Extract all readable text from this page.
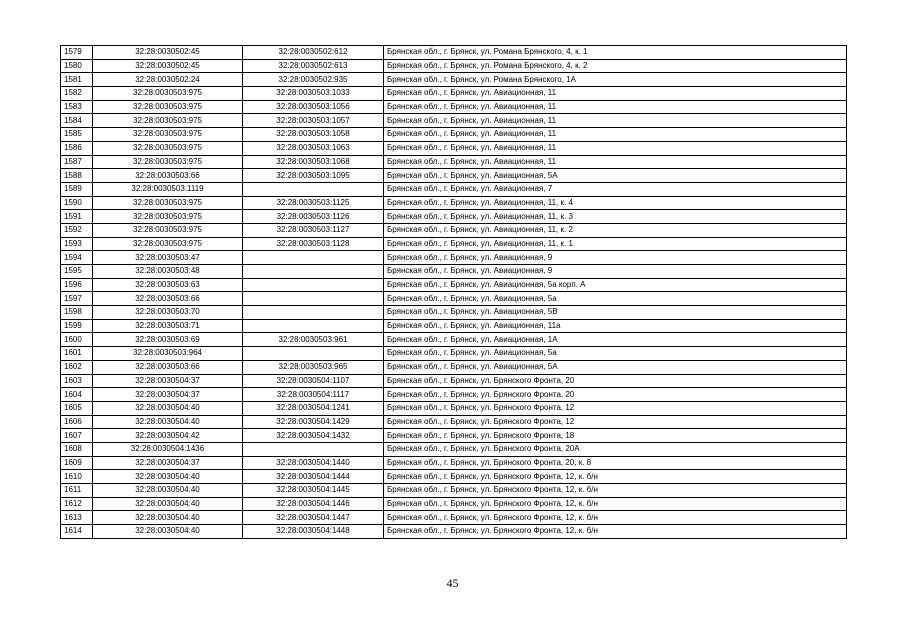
1579	32:28:0030502:45	32:28:0030502:612	Брянская обл., г. Брянск, ул. Романа Брянского, 4, к. 1
1580	32:28:0030502:45	32:28:0030502:613	Брянская обл., г. Брянск, ул. Романа Брянского, 4, к. 2
1581	32:28:0030502:24	32:28:0030502:935	Брянская обл., г. Брянск, ул. Романа Брянского, 1А
1582	32:28:0030503:975	32:28:0030503:1033	Брянская обл., г. Брянск, ул. Авиационная, 11
1583	32:28:0030503:975	32:28:0030503:1056	Брянская обл., г. Брянск, ул. Авиационная, 11
1584	32:28:0030503:975	32:28:0030503:1057	Брянская обл., г. Брянск, ул. Авиационная, 11
1585	32:28:0030503:975	32:28:0030503:1058	Брянская обл., г. Брянск, ул. Авиационная, 11
1586	32:28:0030503:975	32:28:0030503:1063	Брянская обл., г. Брянск, ул. Авиационная, 11
1587	32:28:0030503:975	32:28:0030503:1068	Брянская обл., г. Брянск, ул. Авиационная, 11
1588	32:28:0030503:66	32:28:0030503:1095	Брянская обл., г. Брянск, ул. Авиационная, 5А
1589	32:28:0030503:1119		Брянская обл., г. Брянск, ул. Авиационная, 7
1590	32:28:0030503:975	32:28:0030503:1125	Брянская обл., г. Брянск, ул. Авиационная, 11, к. 4
1591	32:28:0030503:975	32:28:0030503:1126	Брянская обл., г. Брянск, ул. Авиационная, 11, к. 3
1592	32:28:0030503:975	32:28:0030503:1127	Брянская обл., г. Брянск, ул. Авиационная, 11, к. 2
1593	32:28:0030503:975	32:28:0030503:1128	Брянская обл., г. Брянск, ул. Авиационная, 11, к. 1
1594	32:28:0030503:47		Брянская обл., г. Брянск, ул. Авиационная, 9
1595	32:28:0030503:48		Брянская обл., г. Брянск, ул. Авиационная, 9
1596	32:28:0030503:63		Брянская обл., г. Брянск, ул. Авиационная, 5а корп. А
1597	32:28:0030503:66		Брянская обл., г. Брянск, ул. Авиационная, 5а
1598	32:28:0030503:70		Брянская обл., г. Брянск, ул. Авиационная, 5В
1599	32:28:0030503:71		Брянская обл., г. Брянск, ул. Авиационная, 11а
1600	32:28:0030503:69	32:28:0030503:961	Брянская обл., г. Брянск, ул. Авиационная, 1А
1601	32:28:0030503:964		Брянская обл., г. Брянск, ул. Авиационная, 5а
1602	32:28:0030503:66	32:28:0030503:965	Брянская обл., г. Брянск, ул. Авиационная, 5А
1603	32:28:0030504:37	32:28:0030504:1107	Брянская обл., г. Брянск, ул. Брянского Фронта, 20
1604	32:28:0030504:37	32:28:0030504:1117	Брянская обл., г. Брянск, ул. Брянского Фронта, 20
1605	32:28:0030504:40	32:28:0030504:1241	Брянская обл., г. Брянск, ул. Брянского Фронта, 12
1606	32:28:0030504:40	32:28:0030504:1429	Брянская обл., г. Брянск, ул. Брянского Фронта, 12
1607	32:28:0030504:42	32:28:0030504:1432	Брянская обл., г. Брянск, ул. Брянского Фронта, 18
1608	32:28:0030504:1436		Брянская обл., г. Брянск, ул. Брянского Фронта, 20А
1609	32:28:0030504:37	32:28:0030504:1440	Брянская обл., г. Брянск, ул. Брянского Фронта, 20, к. 8
1610	32:28:0030504:40	32:28:0030504:1444	Брянская обл., г. Брянск, ул. Брянского Фронта, 12, к. б/н
1611	32:28:0030504:40	32:28:0030504:1445	Брянская обл., г. Брянск, ул. Брянского Фронта, 12, к. б/н
1612	32:28:0030504:40	32:28:0030504:1446	Брянская обл., г. Брянск, ул. Брянского Фронта, 12, к. б/н
1613	32:28:0030504:40	32:28:0030504:1447	Брянская обл., г. Брянск, ул. Брянского Фронта, 12, к. б/н
1614	32:28:0030504:40	32:28:0030504:1448	Брянская обл., г. Брянск, ул. Брянского Фронта, 12, к. б/н
45
